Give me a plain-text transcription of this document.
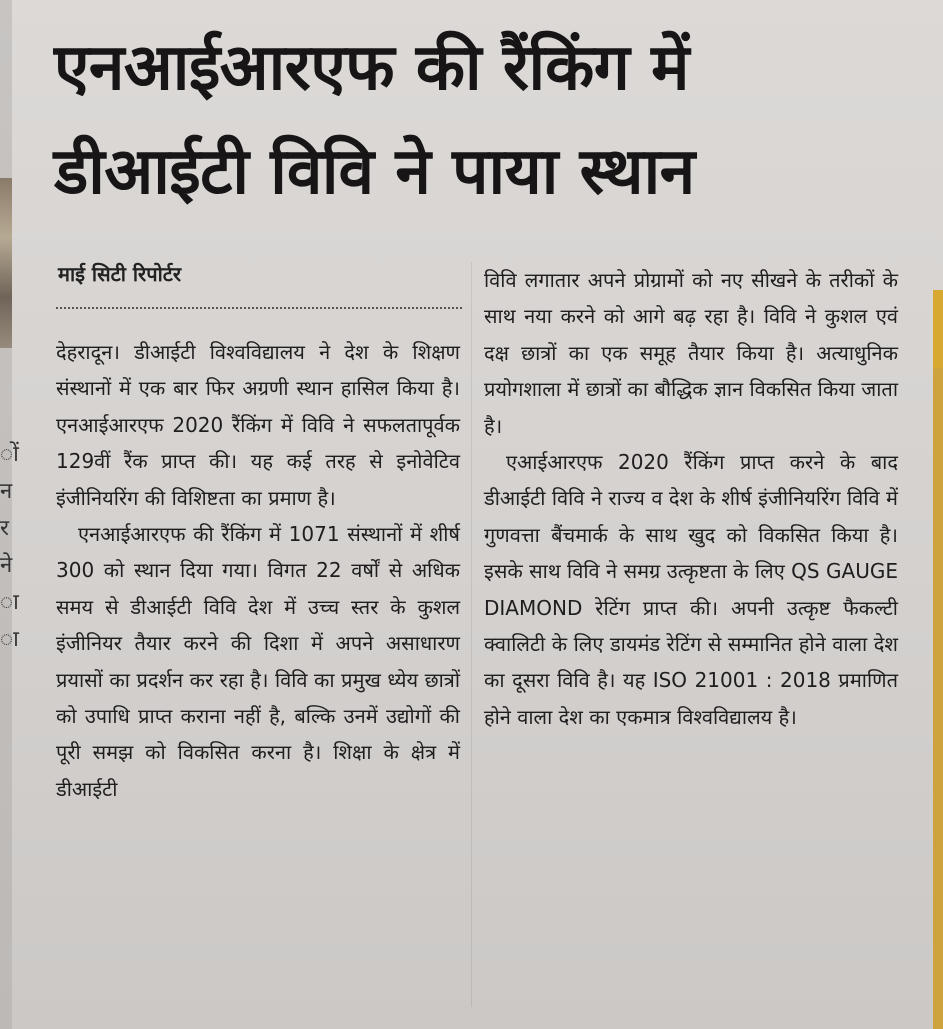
ों
न
र
ने
ा
ा
एनआईआरएफ की रैंकिंग में
डीआईटी विवि ने पाया स्थान
माई सिटी रिपोर्टर

देहरादून। डीआईटी विश्वविद्यालय ने देश के शिक्षण संस्थानों में एक बार फिर अग्रणी स्थान हासिल किया है। एनआईआरएफ 2020 रैंकिंग में विवि ने सफलतापूर्वक 129वीं रैंक प्राप्त की। यह कई तरह से इनोवेटिव इंजीनियरिंग की विशिष्टता का प्रमाण है।

एनआईआरएफ की रैंकिंग में 1071 संस्थानों में शीर्ष 300 को स्थान दिया गया। विगत 22 वर्षों से अधिक समय से डीआईटी विवि देश में उच्च स्तर के कुशल इंजीनियर तैयार करने की दिशा में अपने असाधारण प्रयासों का प्रदर्शन कर रहा है। विवि का प्रमुख ध्येय छात्रों को उपाधि प्राप्त कराना नहीं है, बल्कि उनमें उद्योगों की पूरी समझ को विकसित करना है। शिक्षा के क्षेत्र में डीआईटी

विवि लगातार अपने प्रोग्रामों को नए सीखने के तरीकों के साथ नया करने को आगे बढ़ रहा है। विवि ने कुशल एवं दक्ष छात्रों का एक समूह तैयार किया है। अत्याधुनिक प्रयोगशाला में छात्रों का बौद्धिक ज्ञान विकसित किया जाता है।

एआईआरएफ 2020 रैंकिंग प्राप्त करने के बाद डीआईटी विवि ने राज्य व देश के शीर्ष इंजीनियरिंग विवि में गुणवत्ता बैंचमार्क के साथ खुद को विकसित किया है। इसके साथ विवि ने समग्र उत्कृष्टता के लिए QS GAUGE DIAMOND रेटिंग प्राप्त की। अपनी उत्कृष्ट फैकल्टी क्वालिटी के लिए डायमंड रेटिंग से सम्मानित होने वाला देश का दूसरा विवि है। यह ISO 21001 : 2018 प्रमाणित होने वाला देश का एकमात्र विश्वविद्यालय है।
